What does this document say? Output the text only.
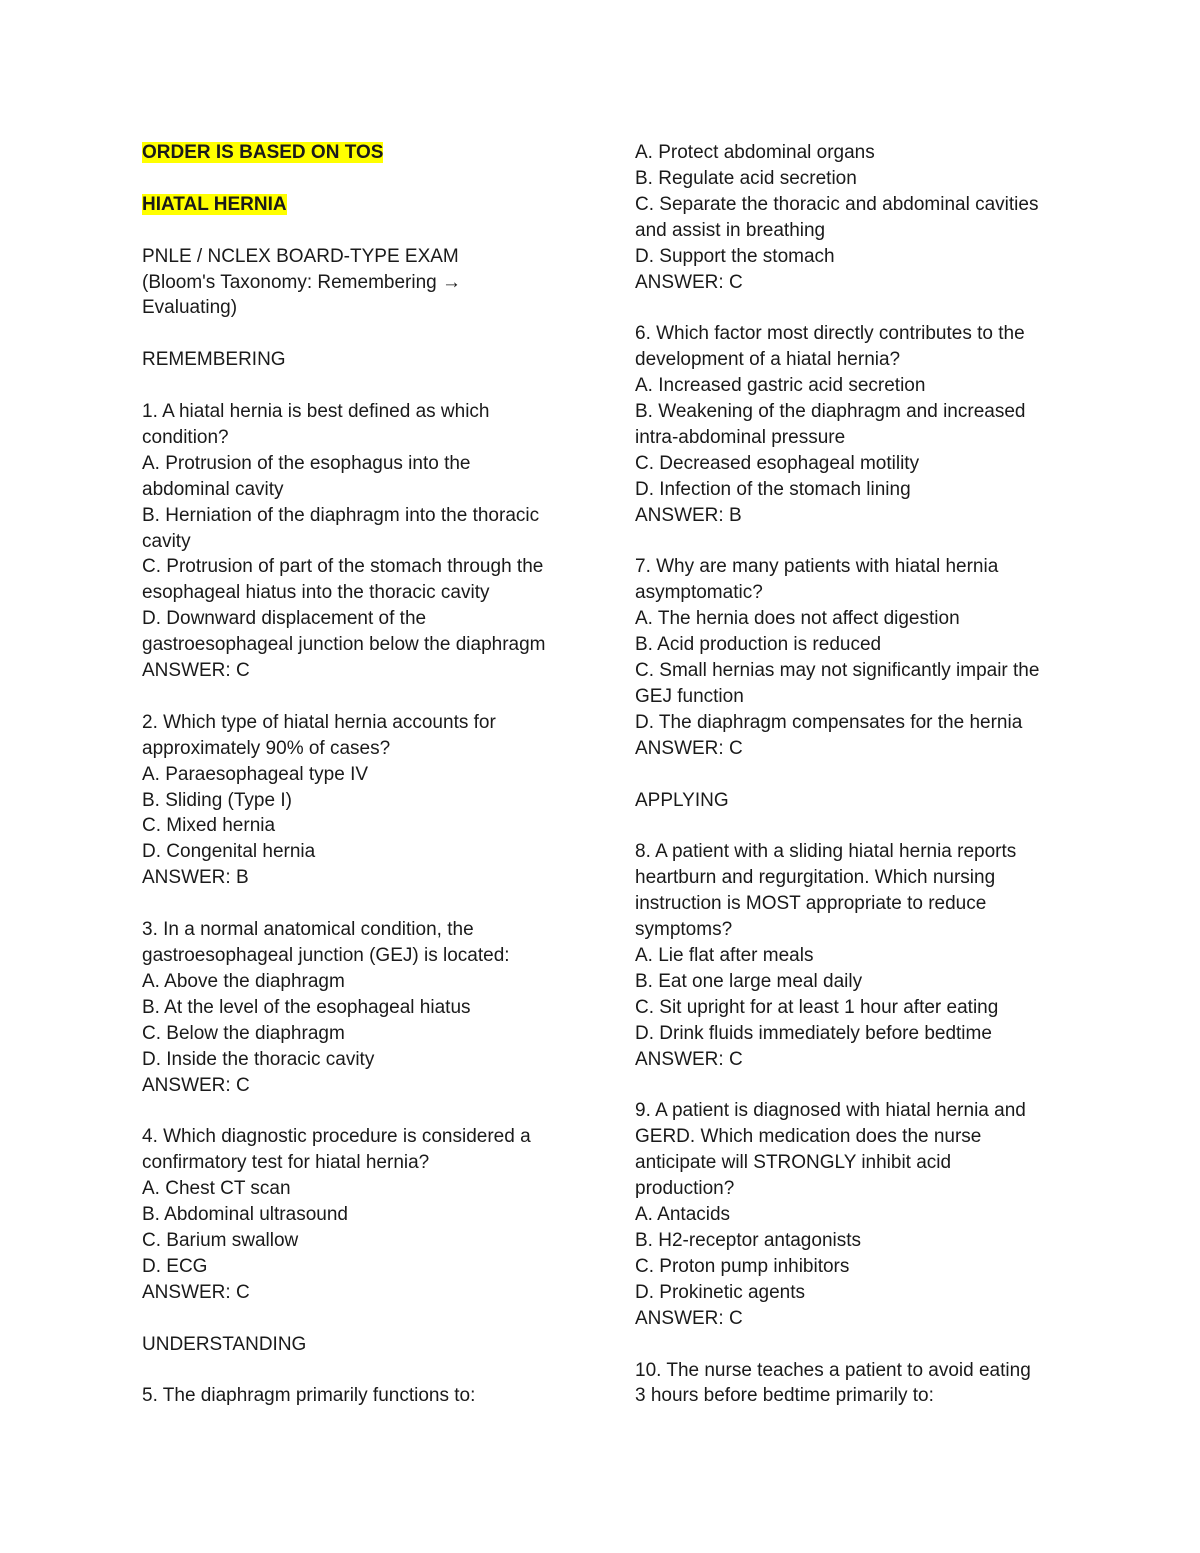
ORDER IS BASED ON TOS
HIATAL HERNIA
PNLE / NCLEX BOARD-TYPE EXAM
(Bloom's Taxonomy: Remembering →
Evaluating)
REMEMBERING
1. A hiatal hernia is best defined as which
condition?
A. Protrusion of the esophagus into the
abdominal cavity
B. Herniation of the diaphragm into the thoracic
cavity
C. Protrusion of part of the stomach through the
esophageal hiatus into the thoracic cavity
D. Downward displacement of the
gastroesophageal junction below the diaphragm
ANSWER: C
2. Which type of hiatal hernia accounts for
approximately 90% of cases?
A. Paraesophageal type IV
B. Sliding (Type I)
C. Mixed hernia
D. Congenital hernia
ANSWER: B
3. In a normal anatomical condition, the
gastroesophageal junction (GEJ) is located:
A. Above the diaphragm
B. At the level of the esophageal hiatus
C. Below the diaphragm
D. Inside the thoracic cavity
ANSWER: C
4. Which diagnostic procedure is considered a
confirmatory test for hiatal hernia?
A. Chest CT scan
B. Abdominal ultrasound
C. Barium swallow
D. ECG
ANSWER: C
UNDERSTANDING
5. The diaphragm primarily functions to:
A. Protect abdominal organs
B. Regulate acid secretion
C. Separate the thoracic and abdominal cavities
and assist in breathing
D. Support the stomach
ANSWER: C
6. Which factor most directly contributes to the
development of a hiatal hernia?
A. Increased gastric acid secretion
B. Weakening of the diaphragm and increased
intra-abdominal pressure
C. Decreased esophageal motility
D. Infection of the stomach lining
ANSWER: B
7. Why are many patients with hiatal hernia
asymptomatic?
A. The hernia does not affect digestion
B. Acid production is reduced
C. Small hernias may not significantly impair the
GEJ function
D. The diaphragm compensates for the hernia
ANSWER: C
APPLYING
8. A patient with a sliding hiatal hernia reports
heartburn and regurgitation. Which nursing
instruction is MOST appropriate to reduce
symptoms?
A. Lie flat after meals
B. Eat one large meal daily
C. Sit upright for at least 1 hour after eating
D. Drink fluids immediately before bedtime
ANSWER: C
9. A patient is diagnosed with hiatal hernia and
GERD. Which medication does the nurse
anticipate will STRONGLY inhibit acid
production?
A. Antacids
B. H2-receptor antagonists
C. Proton pump inhibitors
D. Prokinetic agents
ANSWER: C
10. The nurse teaches a patient to avoid eating
3 hours before bedtime primarily to:
